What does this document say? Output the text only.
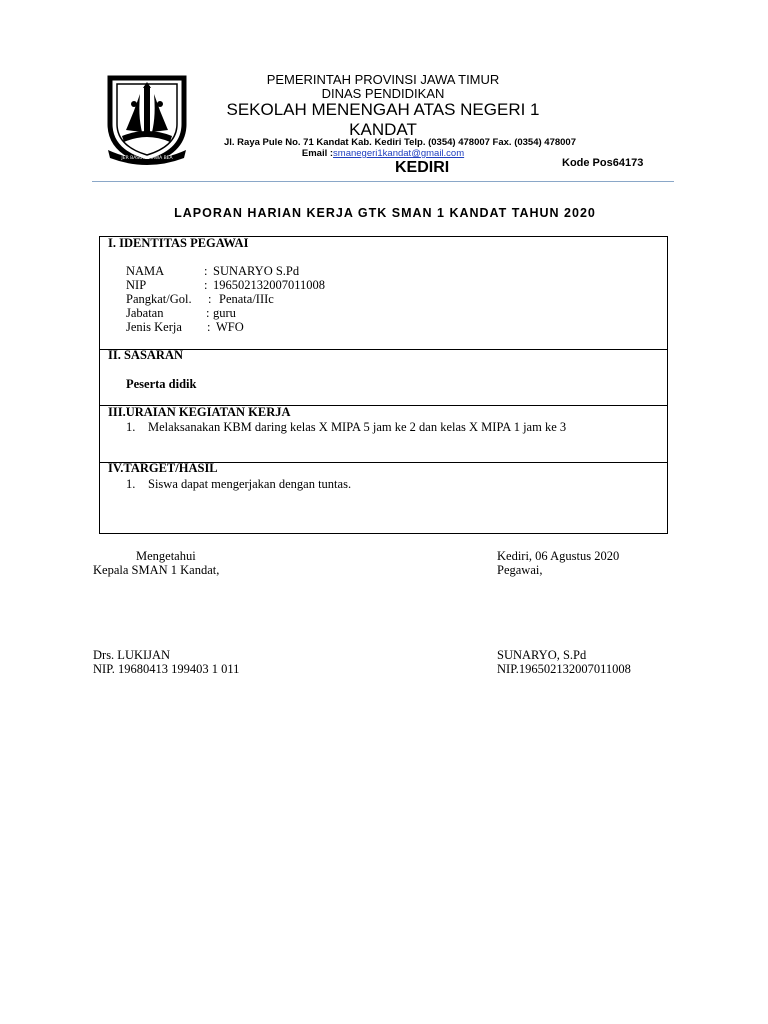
JER BASUKI MAWA BEA
PEMERINTAH PROVINSI JAWA TIMUR
DINAS PENDIDIKAN
SEKOLAH MENENGAH ATAS NEGERI 1
KANDAT
Jl. Raya Pule No. 71 Kandat Kab. Kediri Telp. (0354) 478007 Fax. (0354) 478007
Email :smanegeri1kandat@gmail.com
KEDIRI	Kode Pos64173
LAPORAN HARIAN KERJA GTK SMAN 1 KANDAT TAHUN 2020
I. IDENTITAS PEGAWAI
NAMA	: SUNARYO S.Pd
NIP	: 196502132007011008
Pangkat/Gol. : Penata/IIIc
Jabatan	: guru
Jenis Kerja : WFO
II. SASARAN
Peserta didik
III.URAIAN KEGIATAN KERJA
1. Melaksanakan KBM daring kelas X MIPA 5 jam ke 2 dan kelas X MIPA 1 jam ke 3
IV.TARGET/HASIL
1. Siswa dapat mengerjakan dengan tuntas.
Mengetahui
Kepala SMAN 1 Kandat,
Drs. LUKIJAN
NIP. 19680413 199403 1 011
Kediri, 06 Agustus 2020
Pegawai,
SUNARYO, S.Pd
NIP.196502132007011008
